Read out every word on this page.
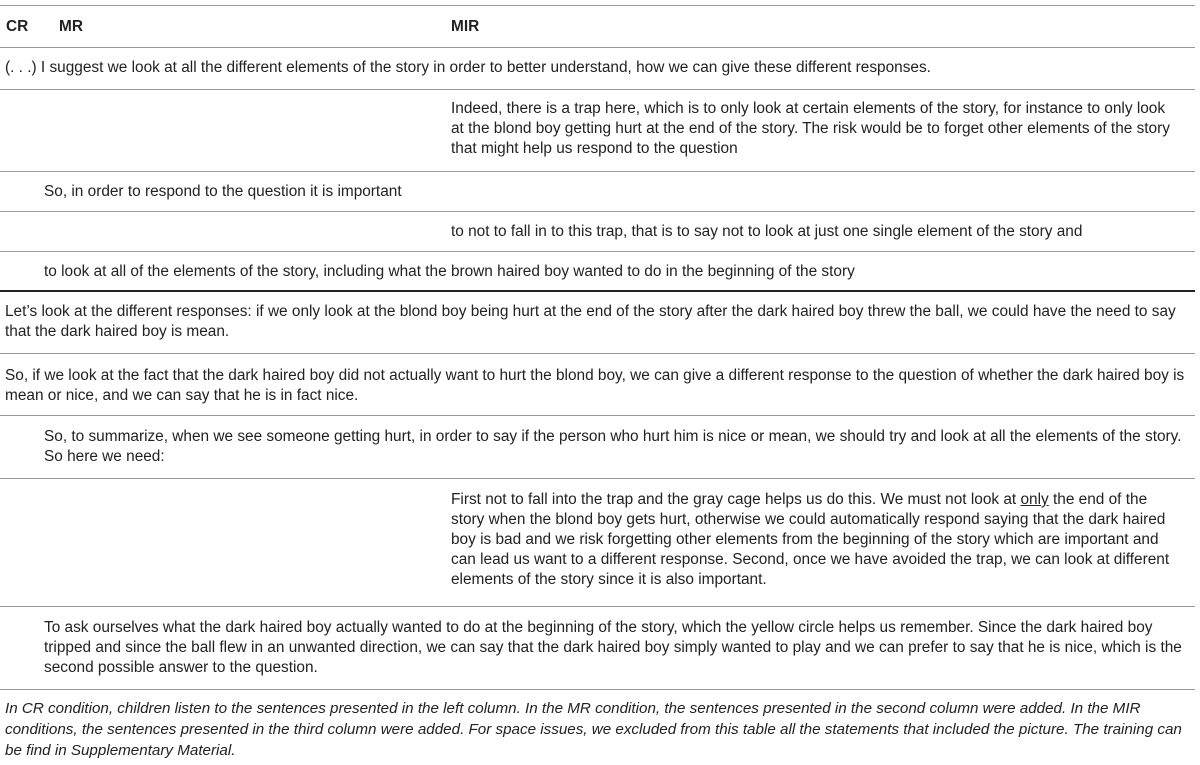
CR MR	MIR
(. . .) I suggest we look at all the different elements of the story in order to better understand, how we can give these different responses.
Indeed, there is a trap here, which is to only look at certain elements of the story, for instance to only look at the blond boy getting hurt at the end of the story. The risk would be to forget other elements of the story that might help us respond to the question
So, in order to respond to the question it is important
to not to fall in to this trap, that is to say not to look at just one single element of the story and
to look at all of the elements of the story, including what the brown haired boy wanted to do in the beginning of the story
Let’s look at the different responses: if we only look at the blond boy being hurt at the end of the story after the dark haired boy threw the ball, we could have the need to say that the dark haired boy is mean.
So, if we look at the fact that the dark haired boy did not actually want to hurt the blond boy, we can give a different response to the question of whether the dark haired boy is mean or nice, and we can say that he is in fact nice.
So, to summarize, when we see someone getting hurt, in order to say if the person who hurt him is nice or mean, we should try and look at all the elements of the story. So here we need:
First not to fall into the trap and the gray cage helps us do this. We must not look at only the end of the story when the blond boy gets hurt, otherwise we could automatically respond saying that the dark haired boy is bad and we risk forgetting other elements from the beginning of the story which are important and can lead us want to a different response. Second, once we have avoided the trap, we can look at different elements of the story since it is also important.
To ask ourselves what the dark haired boy actually wanted to do at the beginning of the story, which the yellow circle helps us remember. Since the dark haired boy tripped and since the ball flew in an unwanted direction, we can say that the dark haired boy simply wanted to play and we can prefer to say that he is nice, which is the second possible answer to the question.
In CR condition, children listen to the sentences presented in the left column. In the MR condition, the sentences presented in the second column were added. In the MIR conditions, the sentences presented in the third column were added. For space issues, we excluded from this table all the statements that included the picture. The training can be find in Supplementary Material.
